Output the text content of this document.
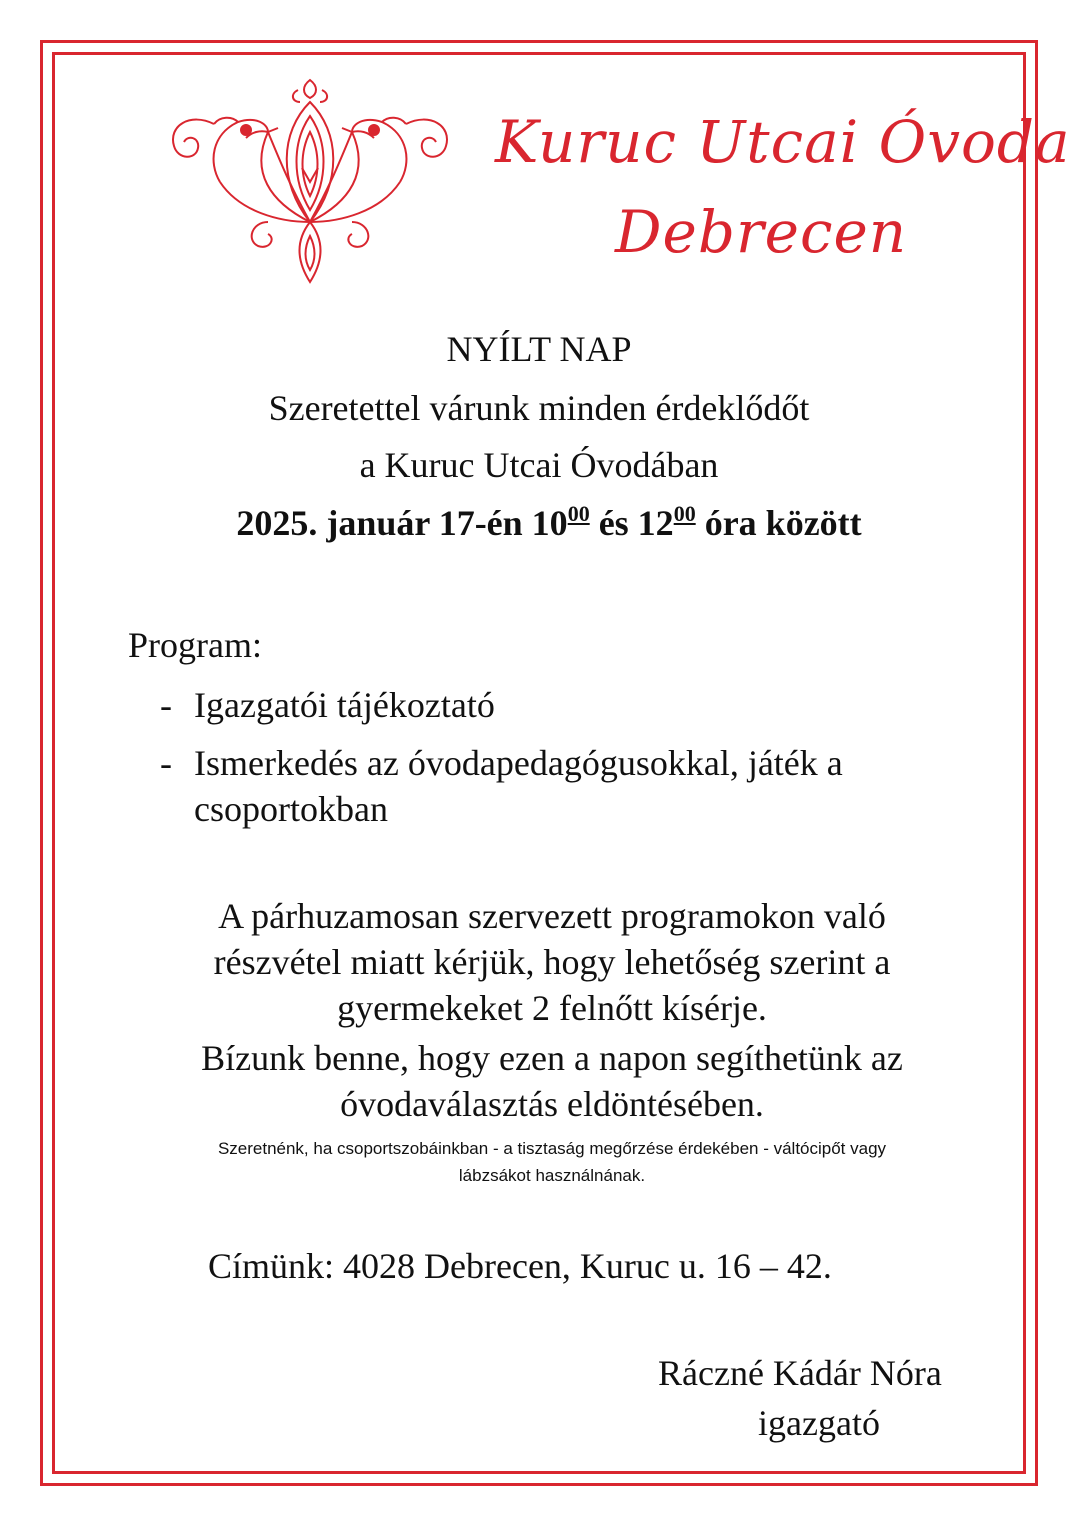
Kuruc Utcai Óvoda
Debrecen
NYÍLT NAP
Szeretettel várunk minden érdeklődőt
a Kuruc Utcai Óvodában
2025. január 17-én $10^{00}$ és $12^{00}$ óra között
Program:
- Igazgatói tájékoztató
- Ismerkedés az óvodapedagógusokkal, játék a
csoportokban
A párhuzamosan szervezett programokon való
részvétel miatt kérjük, hogy lehetőség szerint a
gyermekeket 2 felnőtt kísérje.
Bízunk benne, hogy ezen a napon segíthetünk az
óvodaválasztás eldöntésében.
Szeretnénk, ha csoportszobáinkban - a tisztaság megőrzése érdekében - váltócipőt vagy
lábzsákot használnának.
Címünk: 4028 Debrecen, Kuruc u. 16 – 42.
Ráczné Kádár Nóra
igazgató
